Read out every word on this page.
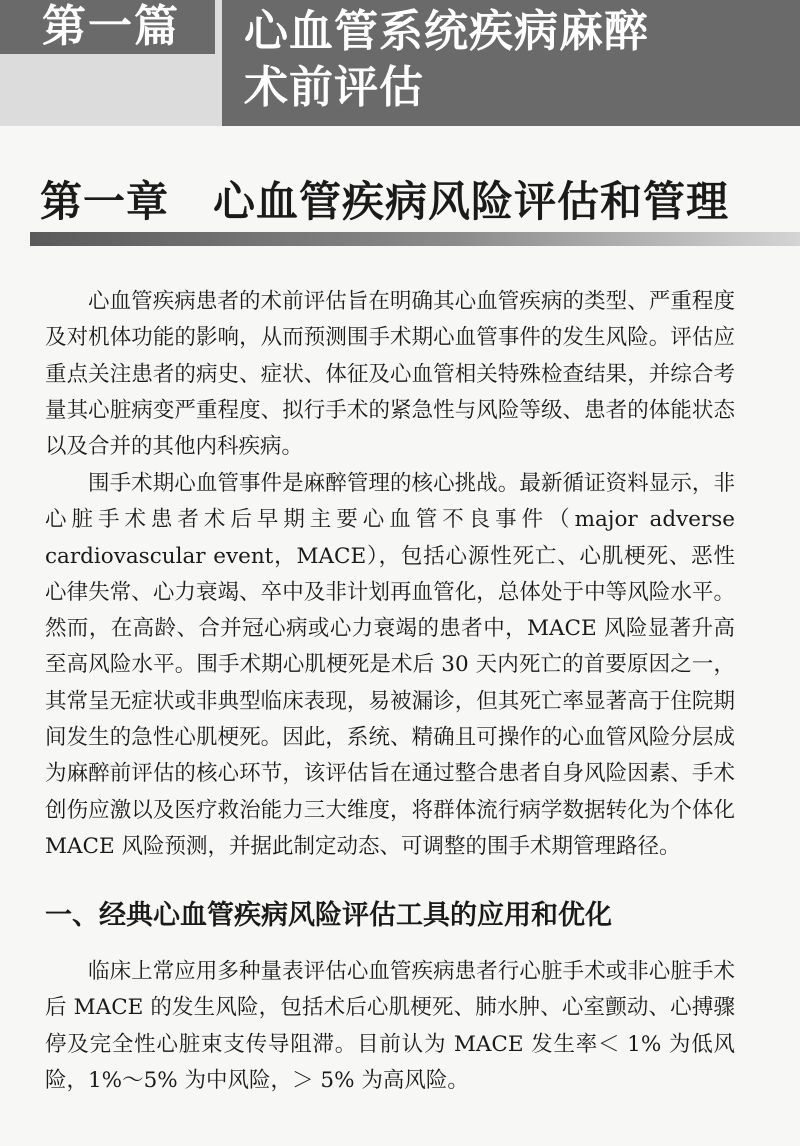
第一篇	心血管系统疾病麻醉
术前评估
第一章 心血管疾病风险评估和管理

心血管疾病患者的术前评估旨在明确其心血管疾病的类型、严重程度及对机体功能的影响，从而预测围手术期心血管事件的发生风险。评估应重点关注患者的病史、症状、体征及心血管相关特殊检查结果，并综合考量其心脏病变严重程度、拟行手术的紧急性与风险等级、患者的体能状态以及合并的其他内科疾病。

围手术期心血管事件是麻醉管理的核心挑战。最新循证资料显示，非心脏手术患者术后早期主要心血管不良事件（major adverse cardiovascular event，MACE），包括心源性死亡、心肌梗死、恶性心律失常、心力衰竭、卒中及非计划再血管化，总体处于中等风险水平。然而，在高龄、合并冠心病或心力衰竭的患者中，MACE 风险显著升高至高风险水平。围手术期心肌梗死是术后 30 天内死亡的首要原因之一，其常呈无症状或非典型临床表现，易被漏诊，但其死亡率显著高于住院期间发生的急性心肌梗死。因此，系统、精确且可操作的心血管风险分层成为麻醉前评估的核心环节，该评估旨在通过整合患者自身风险因素、手术创伤应激以及医疗救治能力三大维度，将群体流行病学数据转化为个体化 MACE 风险预测，并据此制定动态、可调整的围手术期管理路径。

一、经典心血管疾病风险评估工具的应用和优化

临床上常应用多种量表评估心血管疾病患者行心脏手术或非心脏手术后 MACE 的发生风险，包括术后心肌梗死、肺水肿、心室颤动、心搏骤停及完全性心脏束支传导阻滞。目前认为 MACE 发生率＜ 1% 为低风险，1%～5% 为中风险，＞ 5% 为高风险。
